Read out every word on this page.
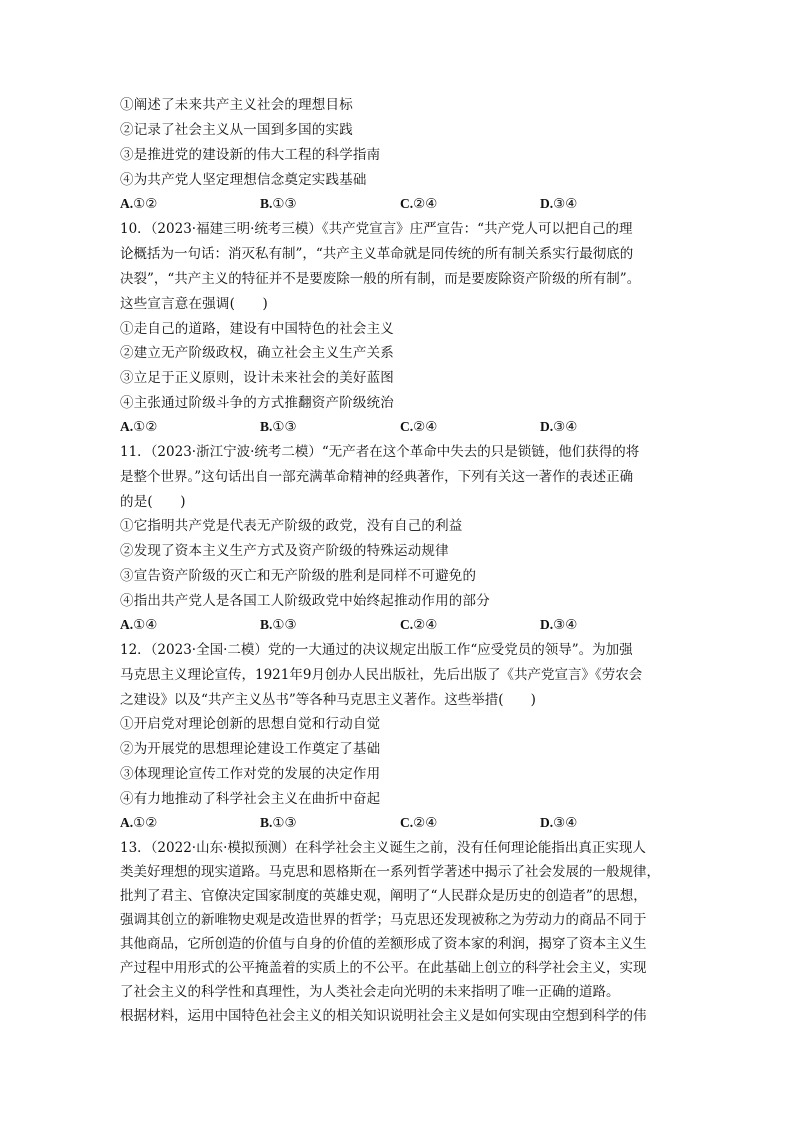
①阐述了未来共产主义社会的理想目标
②记录了社会主义从一国到多国的实践
③是推进党的建设新的伟大工程的科学指南
④为共产党人坚定理想信念奠定实践基础
A.①②	B.①③	C.②④	D.③④
10．（2023·福建三明·统考三模）《共产党宣言》庄严宣告：“共产党人可以把自己的理
论概括为一句话：消灭私有制”，“共产主义革命就是同传统的所有制关系实行最彻底的
决裂”，“共产主义的特征并不是要废除一般的所有制，而是要废除资产阶级的所有制”。
这些宣言意在强调(　　)
①走自己的道路，建设有中国特色的社会主义
②建立无产阶级政权，确立社会主义生产关系
③立足于正义原则，设计未来社会的美好蓝图
④主张通过阶级斗争的方式推翻资产阶级统治
A.①②	B.①③	C.②④	D.③④
11．（2023·浙江宁波·统考二模）“无产者在这个革命中失去的只是锁链，他们获得的将
是整个世界。”这句话出自一部充满革命精神的经典著作，下列有关这一著作的表述正确
的是(　　)
①它指明共产党是代表无产阶级的政党，没有自己的利益
②发现了资本主义生产方式及资产阶级的特殊运动规律
③宣告资产阶级的灭亡和无产阶级的胜利是同样不可避免的
④指出共产党人是各国工人阶级政党中始终起推动作用的部分
A.①④	B.①③	C.②④	D.③④
12．（2023·全国·二模）党的一大通过的决议规定出版工作“应受党员的领导”。为加强
马克思主义理论宣传，1921年9月创办人民出版社，先后出版了《共产党宣言》《劳农会
之建设》以及“共产主义丛书”等各种马克思主义著作。这些举措(　　)
①开启党对理论创新的思想自觉和行动自觉
②为开展党的思想理论建设工作奠定了基础
③体现理论宣传工作对党的发展的决定作用
④有力地推动了科学社会主义在曲折中奋起
A.①②	B.①③	C.②④	D.③④
13．（2022·山东·模拟预测）在科学社会主义诞生之前，没有任何理论能指出真正实现人
类美好理想的现实道路。马克思和恩格斯在一系列哲学著述中揭示了社会发展的一般规律，
批判了君主、官僚决定国家制度的英雄史观，阐明了“人民群众是历史的创造者”的思想，
强调其创立的新唯物史观是改造世界的哲学；马克思还发现被称之为劳动力的商品不同于
其他商品，它所创造的价值与自身的价值的差额形成了资本家的利润，揭穿了资本主义生
产过程中用形式的公平掩盖着的实质上的不公平。在此基础上创立的科学社会主义，实现
了社会主义的科学性和真理性，为人类社会走向光明的未来指明了唯一正确的道路。
根据材料，运用中国特色社会主义的相关知识说明社会主义是如何实现由空想到科学的伟
